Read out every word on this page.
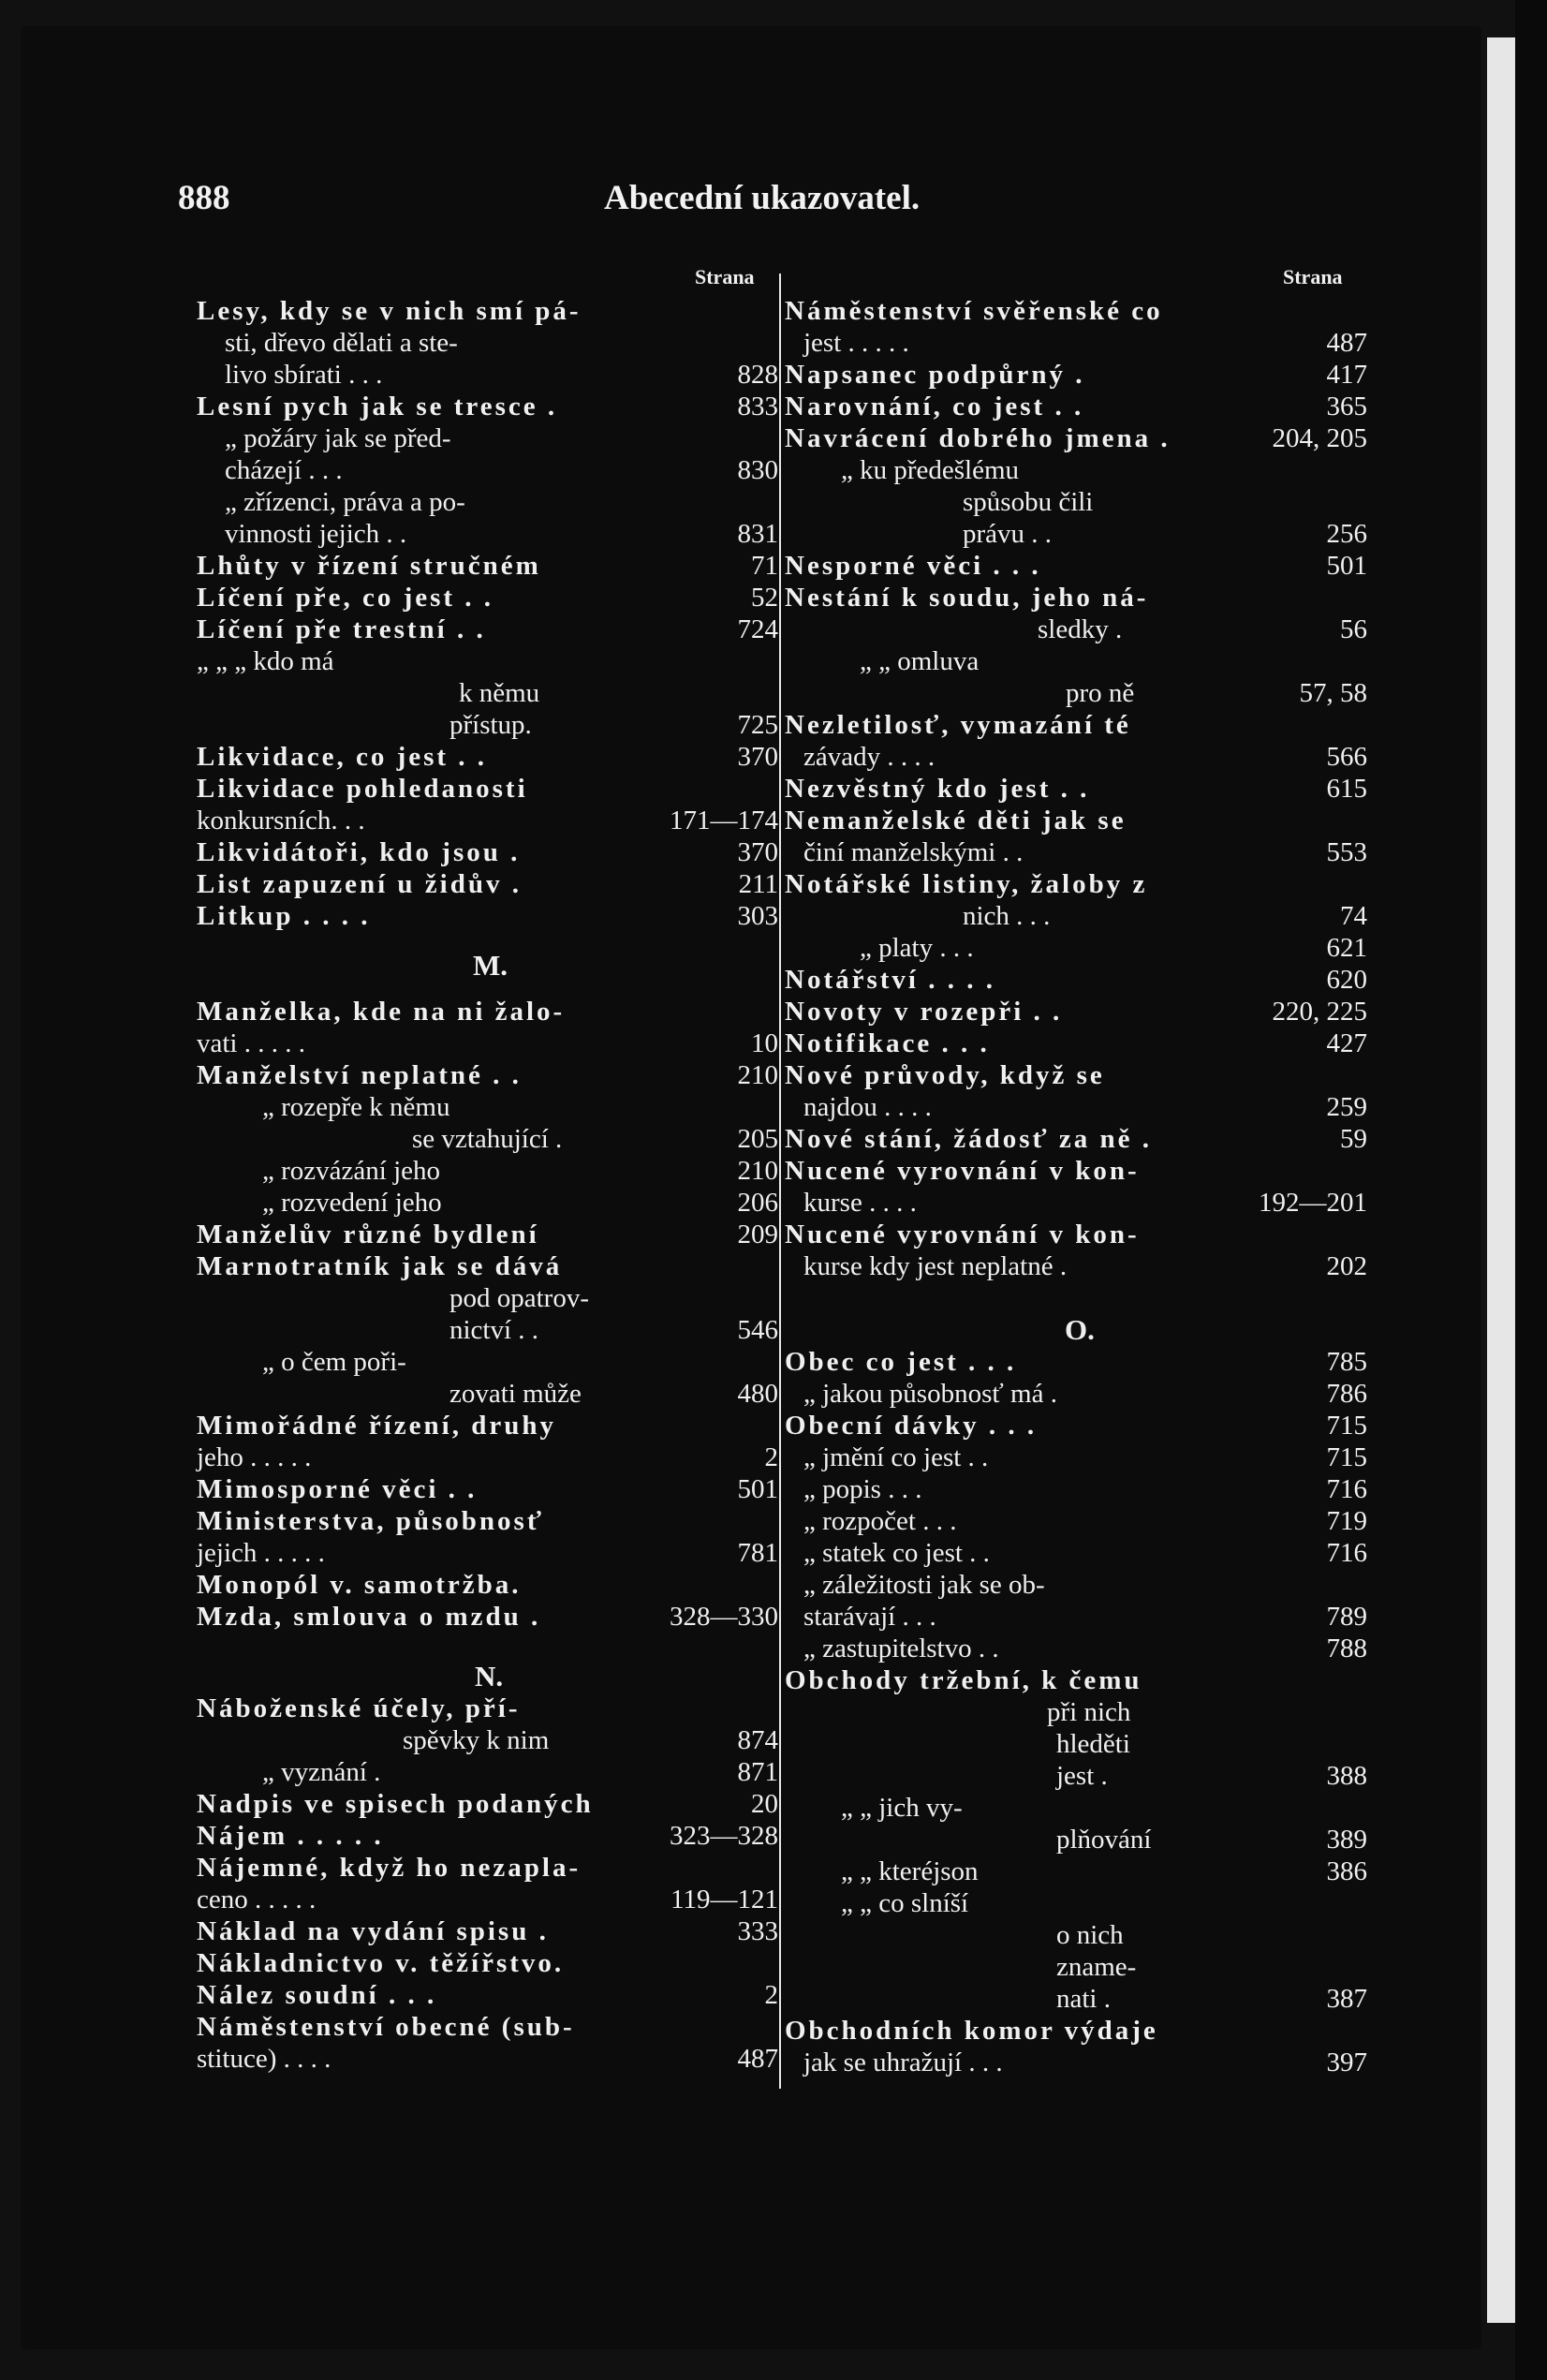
888	Abecední ukazovatel.
Strana	Strana
Lesy, kdy se v nich smí pá-
sti, dřevo dělati a ste-
livo sbírati . . .	828
Lesní pych jak se tresce .	833
„ požáry jak se před-
cházejí . . .	830
„ zřízenci, práva a po-
vinnosti jejich . .	831
Lhůty v řízení stručném	71
Líčení pře, co jest . .	52
Líčení pře trestní . .	724
„ „ „ kdo má
k němu
přístup.	725
Likvidace, co jest . .	370
Likvidace pohledanosti
konkursních. . .	171—174
Likvidátoři, kdo jsou .	370
List zapuzení u židův .	211
Litkup . . . .	303
Manželka, kde na ni žalo-
vati . . . . .	10
Manželství neplatné . .	210
„ rozepře k němu
se vztahující .	205
„ rozvázání jeho	210
„ rozvedení jeho	206
Manželův různé bydlení	209
Marnotratník jak se dává
pod opatrov-
nictví . .	546
„ o čem poři-
zovati může	480
Mimořádné řízení, druhy
jeho . . . . .	2
Mimosporné věci . .	501
Ministerstva, působnosť
jejich . . . . .	781
Monopól v. samotržba.
Mzda, smlouva o mzdu .	328—330
Náboženské účely, pří-
spěvky k nim	874
„ vyznání .	871
Nadpis ve spisech podaných	20
Nájem . . . . .	323—328
Nájemné, když ho nezapla-
ceno . . . . .	119—121
Náklad na vydání spisu .	333
Nákladnictvo v. těžířstvo.
Nález soudní . . .	2
Náměstenství obecné (sub-
stituce) . . . .	487
Náměstenství svěřenské co
jest . . . . .	487
Napsanec podpůrný .	417
Narovnání, co jest . .	365
Navrácení dobrého jmena .	204, 205
„ ku předešlému
spůsobu čili
právu . .	256
Nesporné věci . . .	501
Nestání k soudu, jeho ná-
sledky .	56
„ „ omluva
pro ně	57, 58
Nezletilosť, vymazání té
závady . . . .	566
Nezvěstný kdo jest . .	615
Nemanželské děti jak se
činí manželskými . .	553
Notářské listiny, žaloby z
nich . . .	74
„ platy . . .	621
Notářství . . . .	620
Novoty v rozepři . .	220, 225
Notifikace . . .	427
Nové průvody, když se
najdou . . . .	259
Nové stání, žádosť za ně .	59
Nucené vyrovnání v kon-
kurse . . . .	192—201
Nucené vyrovnání v kon-
kurse kdy jest neplatné .	202
Obec co jest . . .	785
„ jakou působnosť má .	786
Obecní dávky . . .	715
„ jmění co jest . .	715
„ popis . . .	716
„ rozpočet . . .	719
„ statek co jest . .	716
„ záležitosti jak se ob-
starávají . . .	789
„ zastupitelstvo . .	788
Obchody tržební, k čemu
při nich
hleděti
jest .	388
„ „ jich vy-
plňování	389
„ „ kteréjson	386
„ „ co slníší
o nich
zname-
nati .	387
Obchodních komor výdaje
jak se uhražují . . .	397
M.
N.
O.
